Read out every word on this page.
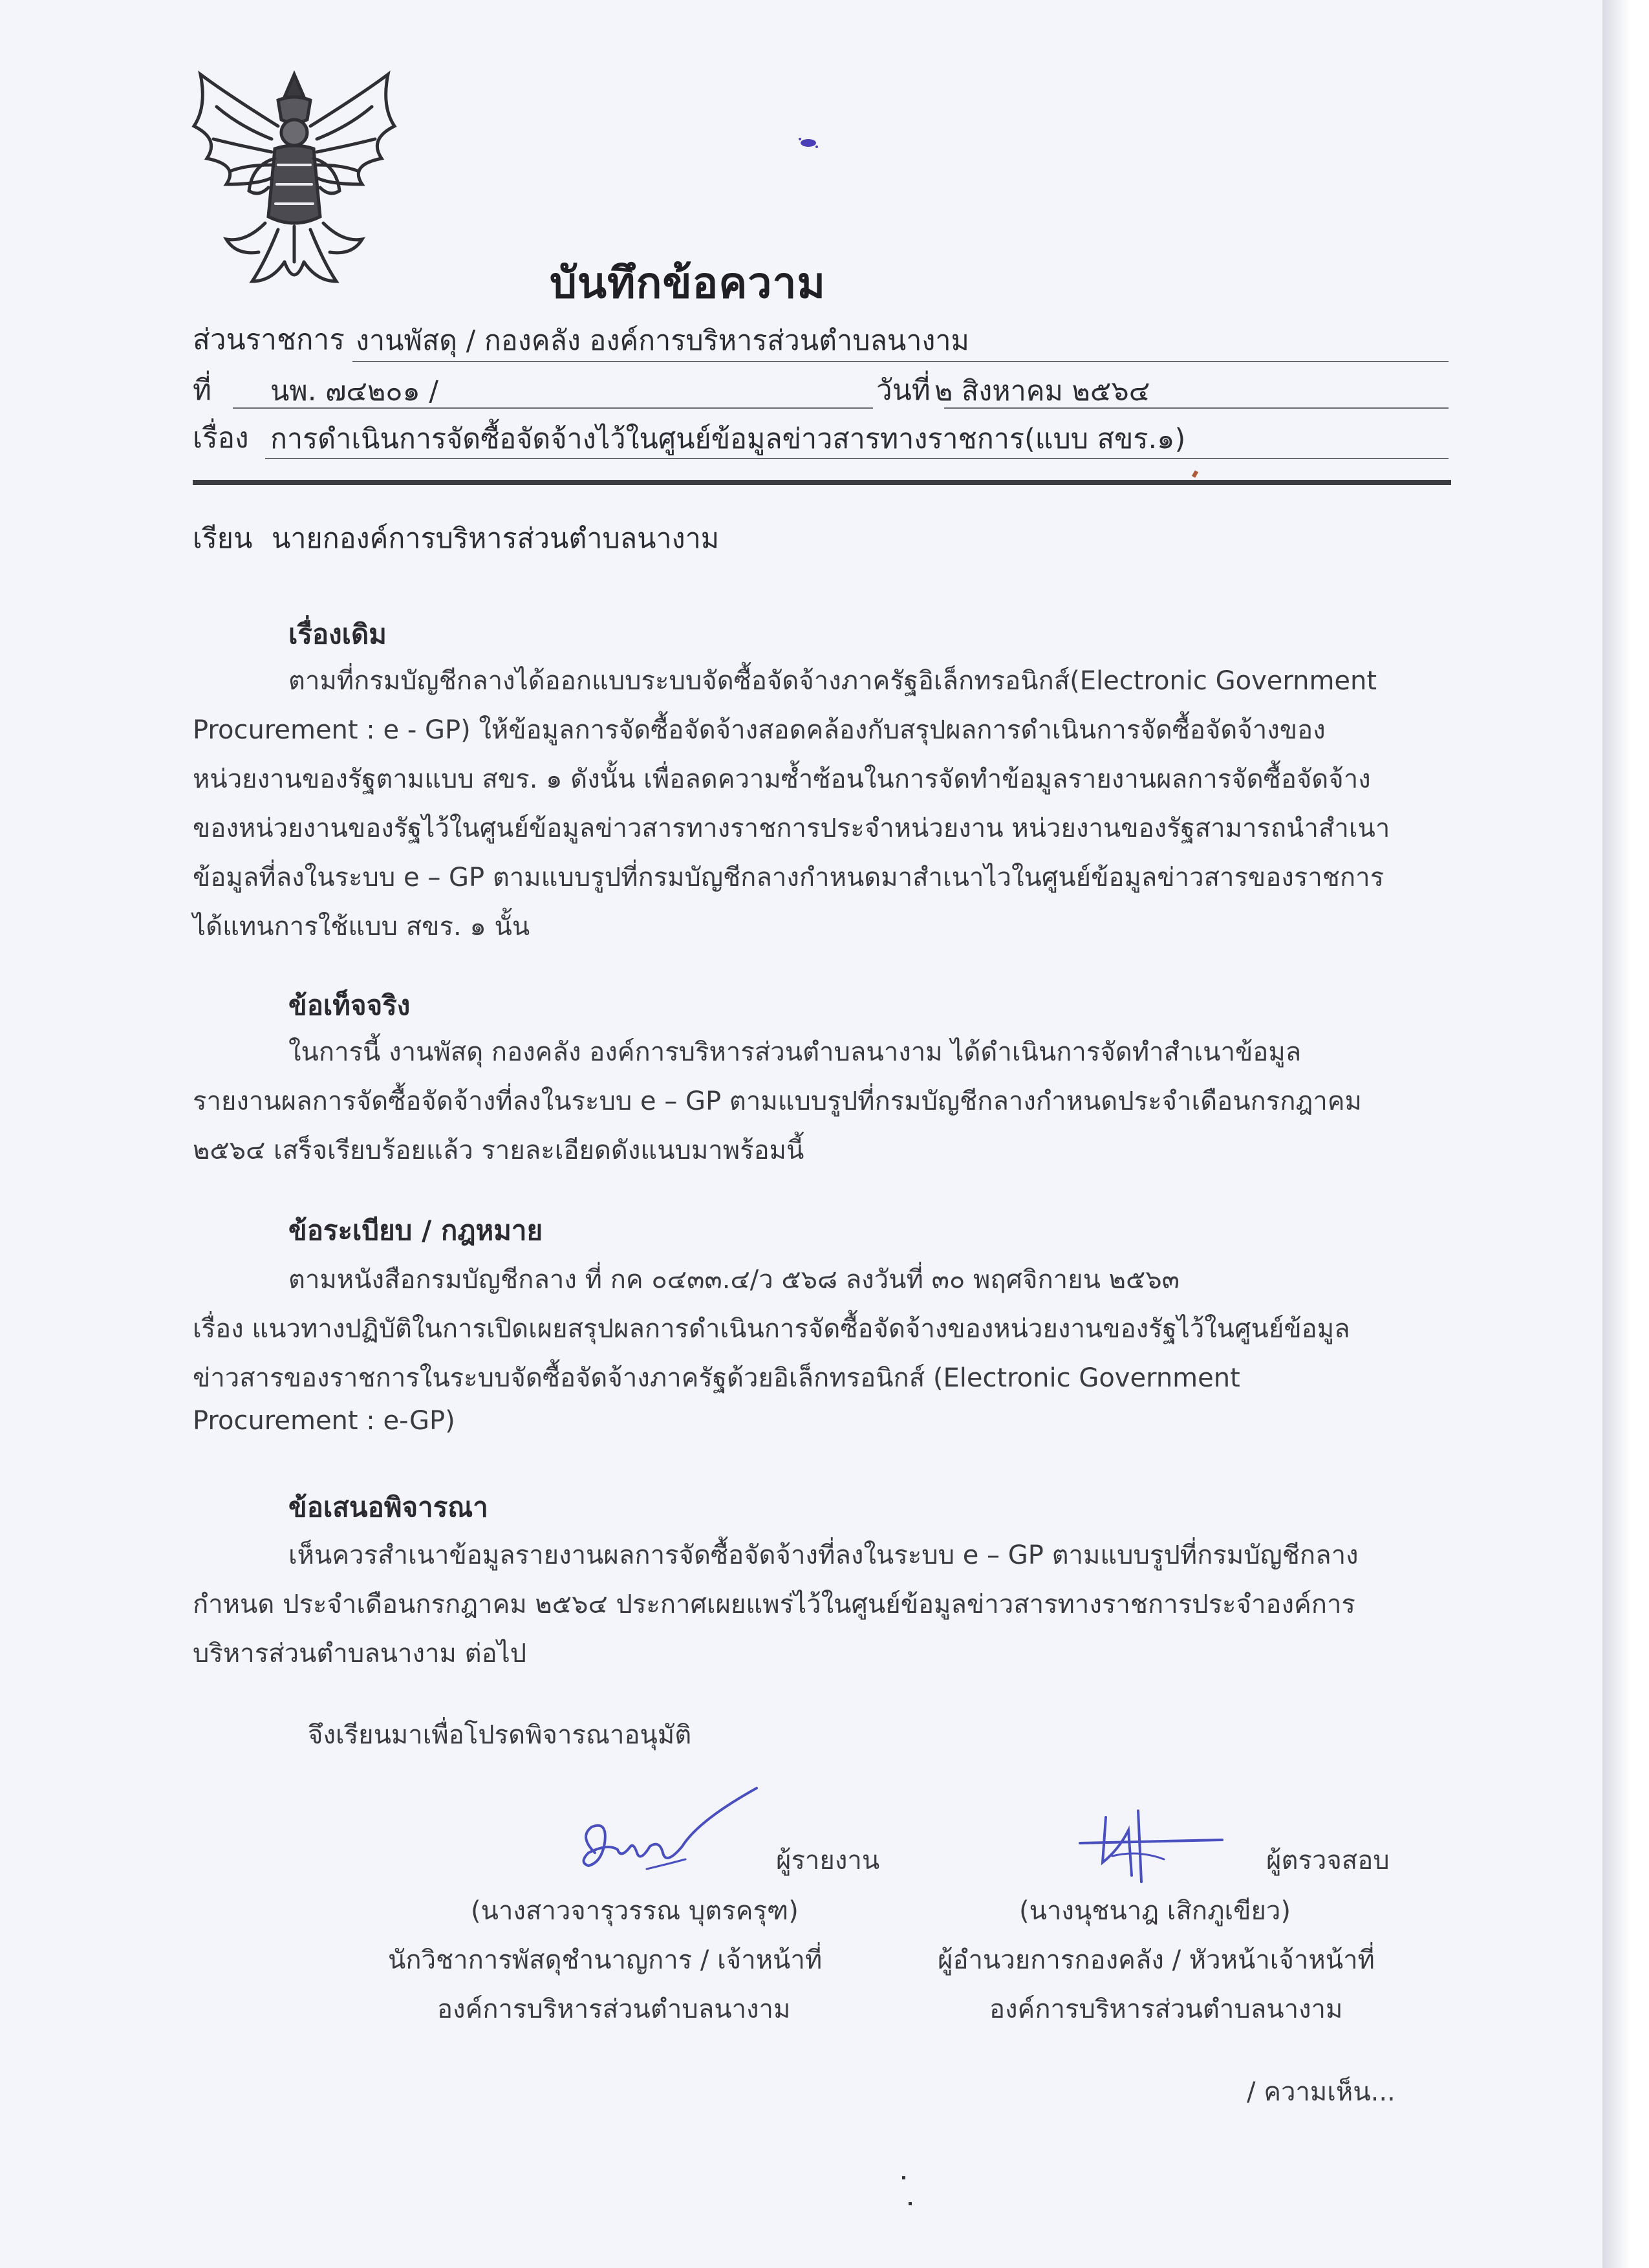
บันทึกข้อความ
ส่วนราชการ งานพัสดุ / กองคลัง องค์การบริหารส่วนตำบลนางาม
ที่ นพ. ๗๔๒๐๑ /	วันที่ ๒ สิงหาคม ๒๕๖๔
เรื่อง การดำเนินการจัดซื้อจัดจ้างไว้ในศูนย์ข้อมูลข่าวสารทางราชการ(แบบ สขร.๑)
เรียน นายกองค์การบริหารส่วนตำบลนางาม
เรื่องเดิม
ตามที่กรมบัญชีกลางได้ออกแบบระบบจัดซื้อจัดจ้างภาครัฐอิเล็กทรอนิกส์(Electronic Government
Procurement : e - GP) ให้ข้อมูลการจัดซื้อจัดจ้างสอดคล้องกับสรุปผลการดำเนินการจัดซื้อจัดจ้างของ
หน่วยงานของรัฐตามแบบ สขร. ๑ ดังนั้น เพื่อลดความซ้ำซ้อนในการจัดทำข้อมูลรายงานผลการจัดซื้อจัดจ้าง
ของหน่วยงานของรัฐไว้ในศูนย์ข้อมูลข่าวสารทางราชการประจำหน่วยงาน หน่วยงานของรัฐสามารถนำสำเนา
ข้อมูลที่ลงในระบบ e – GP ตามแบบรูปที่กรมบัญชีกลางกำหนดมาสำเนาไวในศูนย์ข้อมูลข่าวสารของราชการ
ได้แทนการใช้แบบ สขร. ๑ นั้น
ข้อเท็จจริง
ในการนี้ งานพัสดุ กองคลัง องค์การบริหารส่วนตำบลนางาม ได้ดำเนินการจัดทำสำเนาข้อมูล
รายงานผลการจัดซื้อจัดจ้างที่ลงในระบบ e – GP ตามแบบรูปที่กรมบัญชีกลางกำหนดประจำเดือนกรกฎาคม
๒๕๖๔ เสร็จเรียบร้อยแล้ว รายละเอียดดังแนบมาพร้อมนี้
ข้อระเบียบ / กฎหมาย
ตามหนังสือกรมบัญชีกลาง ที่ กค ๐๔๓๓.๔/ว ๕๖๘ ลงวันที่ ๓๐ พฤศจิกายน ๒๕๖๓
เรื่อง แนวทางปฏิบัติในการเปิดเผยสรุปผลการดำเนินการจัดซื้อจัดจ้างของหน่วยงานของรัฐไว้ในศูนย์ข้อมูล
ข่าวสารของราชการในระบบจัดซื้อจัดจ้างภาครัฐด้วยอิเล็กทรอนิกส์ (Electronic Government
Procurement : e-GP)
ข้อเสนอพิจารณา
เห็นควรสำเนาข้อมูลรายงานผลการจัดซื้อจัดจ้างที่ลงในระบบ e – GP ตามแบบรูปที่กรมบัญชีกลาง
กำหนด ประจำเดือนกรกฎาคม ๒๕๖๔ ประกาศเผยแพร่ไว้ในศูนย์ข้อมูลข่าวสารทางราชการประจำองค์การ
บริหารส่วนตำบลนางาม ต่อไป
จึงเรียนมาเพื่อโปรดพิจารณาอนุมัติ
ผู้รายงาน
(นางสาวจารุวรรณ บุตรครุฑ)
นักวิชาการพัสดุชำนาญการ / เจ้าหน้าที่
องค์การบริหารส่วนตำบลนางาม
ผู้ตรวจสอบ
(นางนุชนาฎ เสิกภูเขียว)
ผู้อำนวยการกองคลัง / หัวหน้าเจ้าหน้าที่
องค์การบริหารส่วนตำบลนางาม
/ ความเห็น...
